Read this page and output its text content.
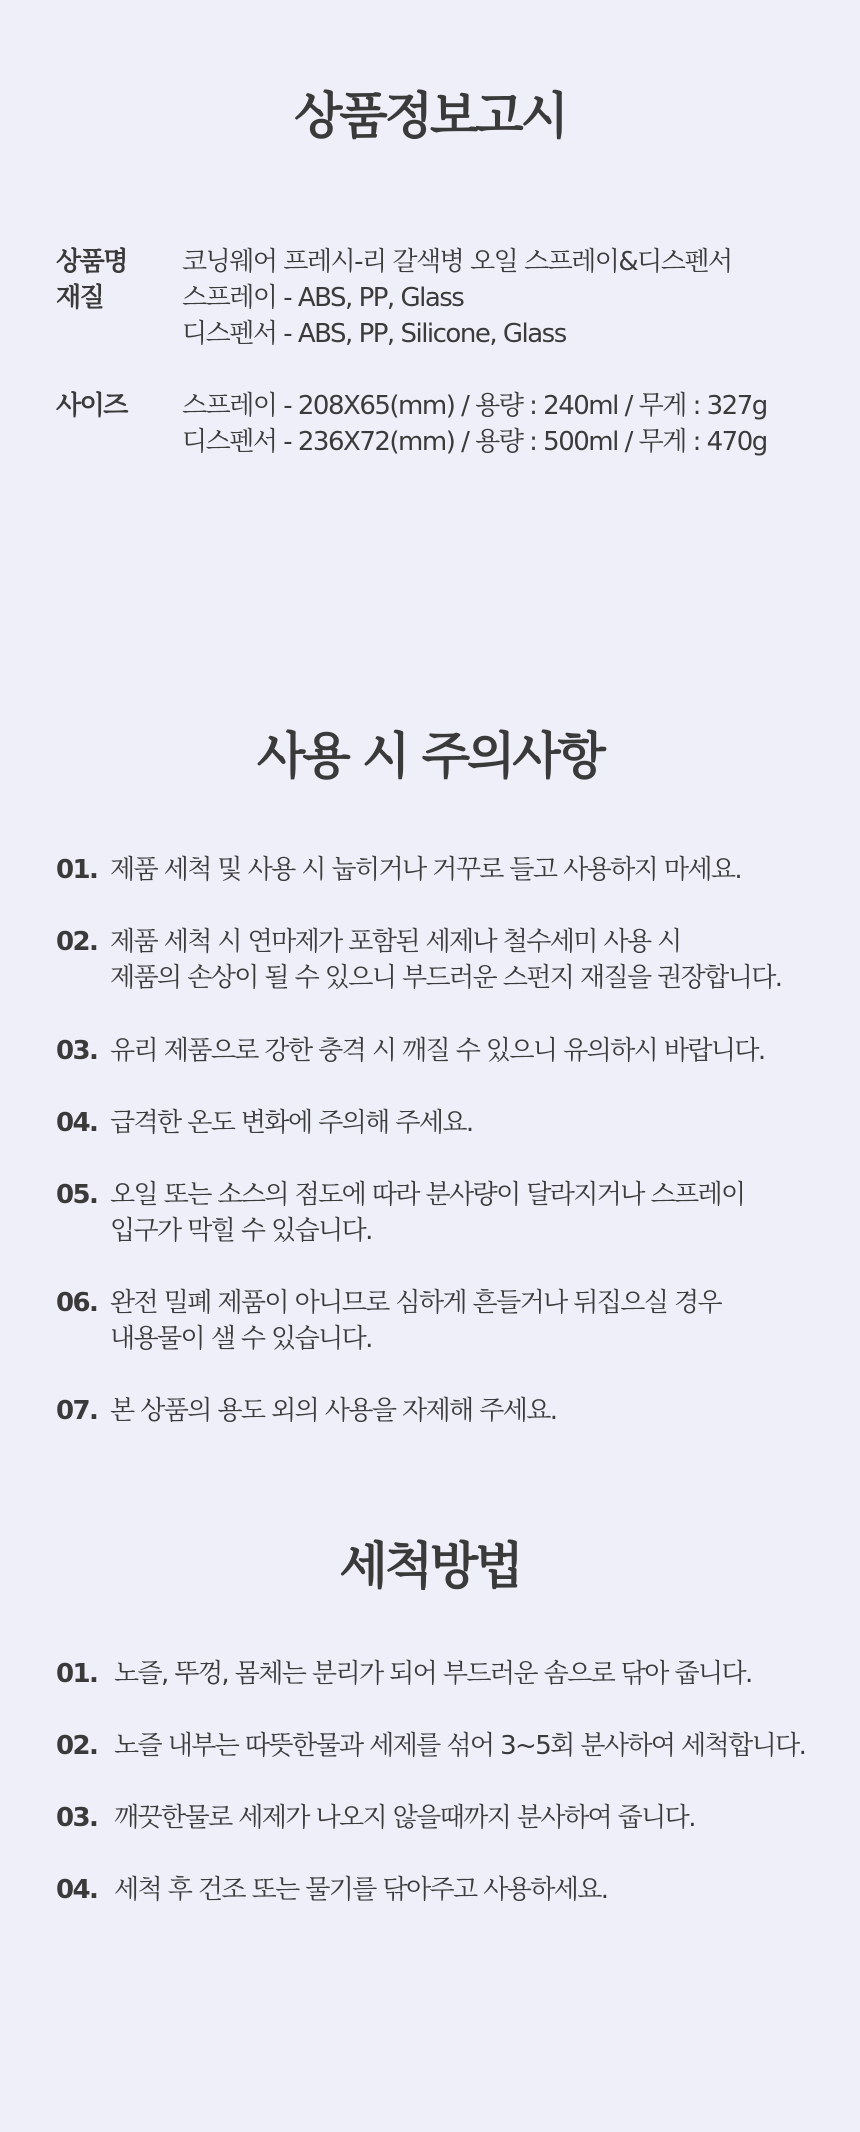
상품정보고시
상품명 코닝웨어 프레시-리 갈색병 오일 스프레이&디스펜서
재질	스프레이 - ABS, PP, Glass
디스펜서 - ABS, PP, Silicone, Glass
사이즈 스프레이 - 208X65(mm) / 용량 : 240ml / 무게 : 327g
디스펜서 - 236X72(mm) / 용량 : 500ml / 무게 : 470g
사용 시 주의사항
01. 제품 세척 및 사용 시 눕히거나 거꾸로 들고 사용하지 마세요.
02. 제품 세척 시 연마제가 포함된 세제나 철수세미 사용 시
제품의 손상이 될 수 있으니 부드러운 스펀지 재질을 권장합니다.
03. 유리 제품으로 강한 충격 시 깨질 수 있으니 유의하시 바랍니다.
04. 급격한 온도 변화에 주의해 주세요.
05. 오일 또는 소스의 점도에 따라 분사량이 달라지거나 스프레이
입구가 막힐 수 있습니다.
06. 완전 밀폐 제품이 아니므로 심하게 흔들거나 뒤집으실 경우
내용물이 샐 수 있습니다.
07. 본 상품의 용도 외의 사용을 자제해 주세요.
세척방법
01. 노즐, 뚜껑, 몸체는 분리가 되어 부드러운 솜으로 닦아 줍니다.
02. 노즐 내부는 따뜻한물과 세제를 섞어 3~5회 분사하여 세척합니다.
03. 깨끗한물로 세제가 나오지 않을때까지 분사하여 줍니다.
04. 세척 후 건조 또는 물기를 닦아주고 사용하세요.
